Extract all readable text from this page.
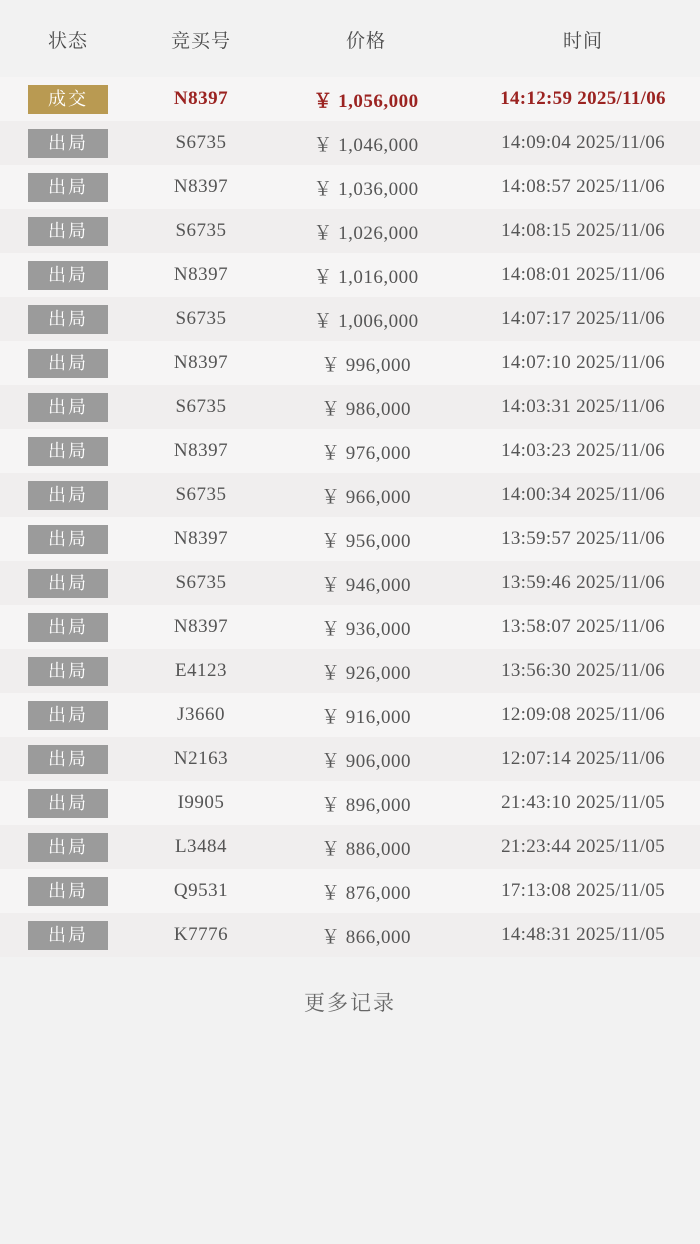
状态	竞买号	价格	时间
成交	N8397	￥ 1,056,000	14:12:59 2025/11/06
出局	S6735	￥ 1,046,000	14:09:04 2025/11/06
出局	N8397	￥ 1,036,000	14:08:57 2025/11/06
出局	S6735	￥ 1,026,000	14:08:15 2025/11/06
出局	N8397	￥ 1,016,000	14:08:01 2025/11/06
出局	S6735	￥ 1,006,000	14:07:17 2025/11/06
出局	N8397	￥ 996,000	14:07:10 2025/11/06
出局	S6735	￥ 986,000	14:03:31 2025/11/06
出局	N8397	￥ 976,000	14:03:23 2025/11/06
出局	S6735	￥ 966,000	14:00:34 2025/11/06
出局	N8397	￥ 956,000	13:59:57 2025/11/06
出局	S6735	￥ 946,000	13:59:46 2025/11/06
出局	N8397	￥ 936,000	13:58:07 2025/11/06
出局	E4123	￥ 926,000	13:56:30 2025/11/06
出局	J3660	￥ 916,000	12:09:08 2025/11/06
出局	N2163	￥ 906,000	12:07:14 2025/11/06
出局	I9905	￥ 896,000	21:43:10 2025/11/05
出局	L3484	￥ 886,000	21:23:44 2025/11/05
出局	Q9531	￥ 876,000	17:13:08 2025/11/05
出局	K7776	￥ 866,000	14:48:31 2025/11/05
更多记录
